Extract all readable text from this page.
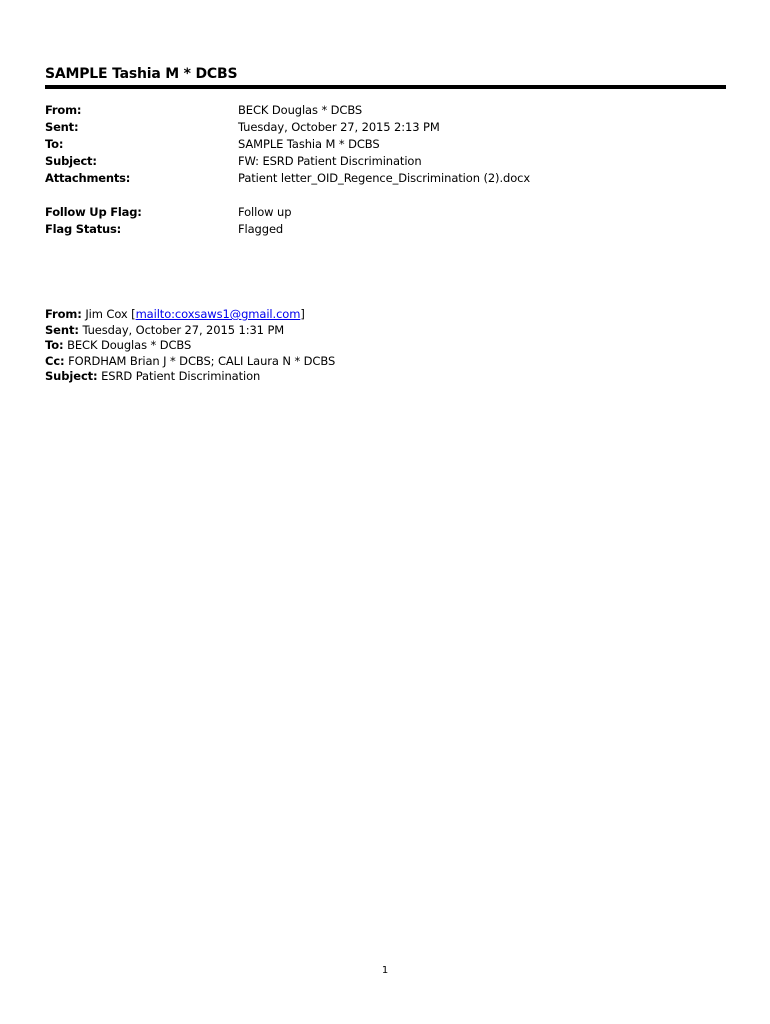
SAMPLE Tashia M * DCBS
From:	BECK Douglas * DCBS
Sent:	Tuesday, October 27, 2015 2:13 PM
To:	SAMPLE Tashia M * DCBS
Subject:	FW: ESRD Patient Discrimination
Attachments:	Patient letter_OID_Regence_Discrimination (2).docx
Follow Up Flag:	Follow up
Flag Status:	Flagged
From: Jim Cox [mailto:coxsaws1@gmail.com]
Sent: Tuesday, October 27, 2015 1:31 PM
To: BECK Douglas * DCBS
Cc: FORDHAM Brian J * DCBS; CALI Laura N * DCBS
Subject: ESRD Patient Discrimination
1
